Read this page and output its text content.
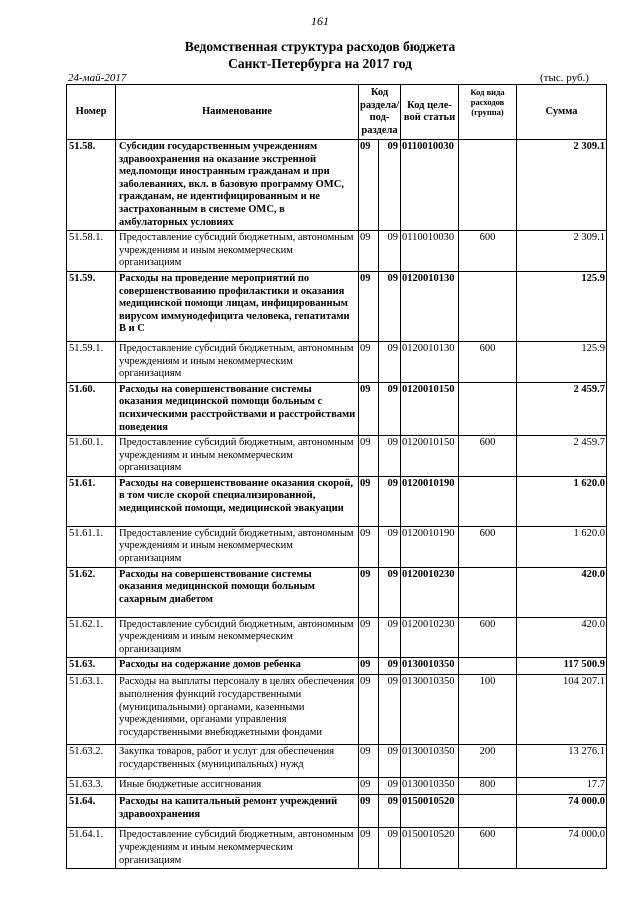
161
Ведомственная структура расходов бюджета
Санкт-Петербурга на 2017 год
24-май-2017	(тыс. руб.)
Номер	Наименование	Код раздела/ под- раздела		Код целе- вой статьи	Код вида расходов (группа)	Сумма
51.58.	Субсидии государственным учреждениям здравоохранения на оказание экстренной мед.помощи иностранным гражданам и при заболеваниях, вкл. в базовую программу ОМС, гражданам, не идентифицированным и не застрахованным в системе ОМС, в амбулаторных условиях	09	09	0110010030		2 309.1
51.58.1.	Предоставление субсидий бюджетным, автономным учреждениям и иным некоммерческим организациям	09	09	0110010030	600	2 309.1
51.59.	Расходы на проведение мероприятий по совершенствованию профилактики и оказания медицинской помощи лицам, инфицированным вирусом иммунодефицита человека, гепатитами В и С	09	09	0120010130		125.9
51.59.1.	Предоставление субсидий бюджетным, автономным учреждениям и иным некоммерческим организациям	09	09	0120010130	600	125.9
51.60.	Расходы на совершенствование системы оказания медицинской помощи больным с психическими расстройствами и расстройствами поведения	09	09	0120010150		2 459.7
51.60.1.	Предоставление субсидий бюджетным, автономным учреждениям и иным некоммерческим организациям	09	09	0120010150	600	2 459.7
51.61.	Расходы на совершенствование оказания скорой, в том числе скорой специализированной, медицинской помощи, медицинской эвакуации	09	09	0120010190		1 620.0
51.61.1.	Предоставление субсидий бюджетным, автономным учреждениям и иным некоммерческим организациям	09	09	0120010190	600	1 620.0
51.62.	Расходы на совершенствование системы оказания медицинской помощи больным сахарным диабетом	09	09	0120010230		420.0
51.62.1.	Предоставление субсидий бюджетным, автономным учреждениям и иным некоммерческим организациям	09	09	0120010230	600	420.0
51.63.	Расходы на содержание домов ребенка	09	09	0130010350		117 500.9
51.63.1.	Расходы на выплаты персоналу в целях обеспечения выполнения функций государственными (муниципальными) органами, казенными учреждениями, органами управления государственными внебюджетными фондами	09	09	0130010350	100	104 207.1
51.63.2.	Закупка товаров, работ и услуг для обеспечения государственных (муниципальных) нужд	09	09	0130010350	200	13 276.1
51.63.3.	Иные бюджетные ассигнования	09	09	0130010350	800	17.7
51.64.	Расходы на капитальный ремонт учреждений здравоохранения	09	09	0150010520		74 000.0
51.64.1.	Предоставление субсидий бюджетным, автономным учреждениям и иным некоммерческим организациям	09	09	0150010520	600	74 000.0
